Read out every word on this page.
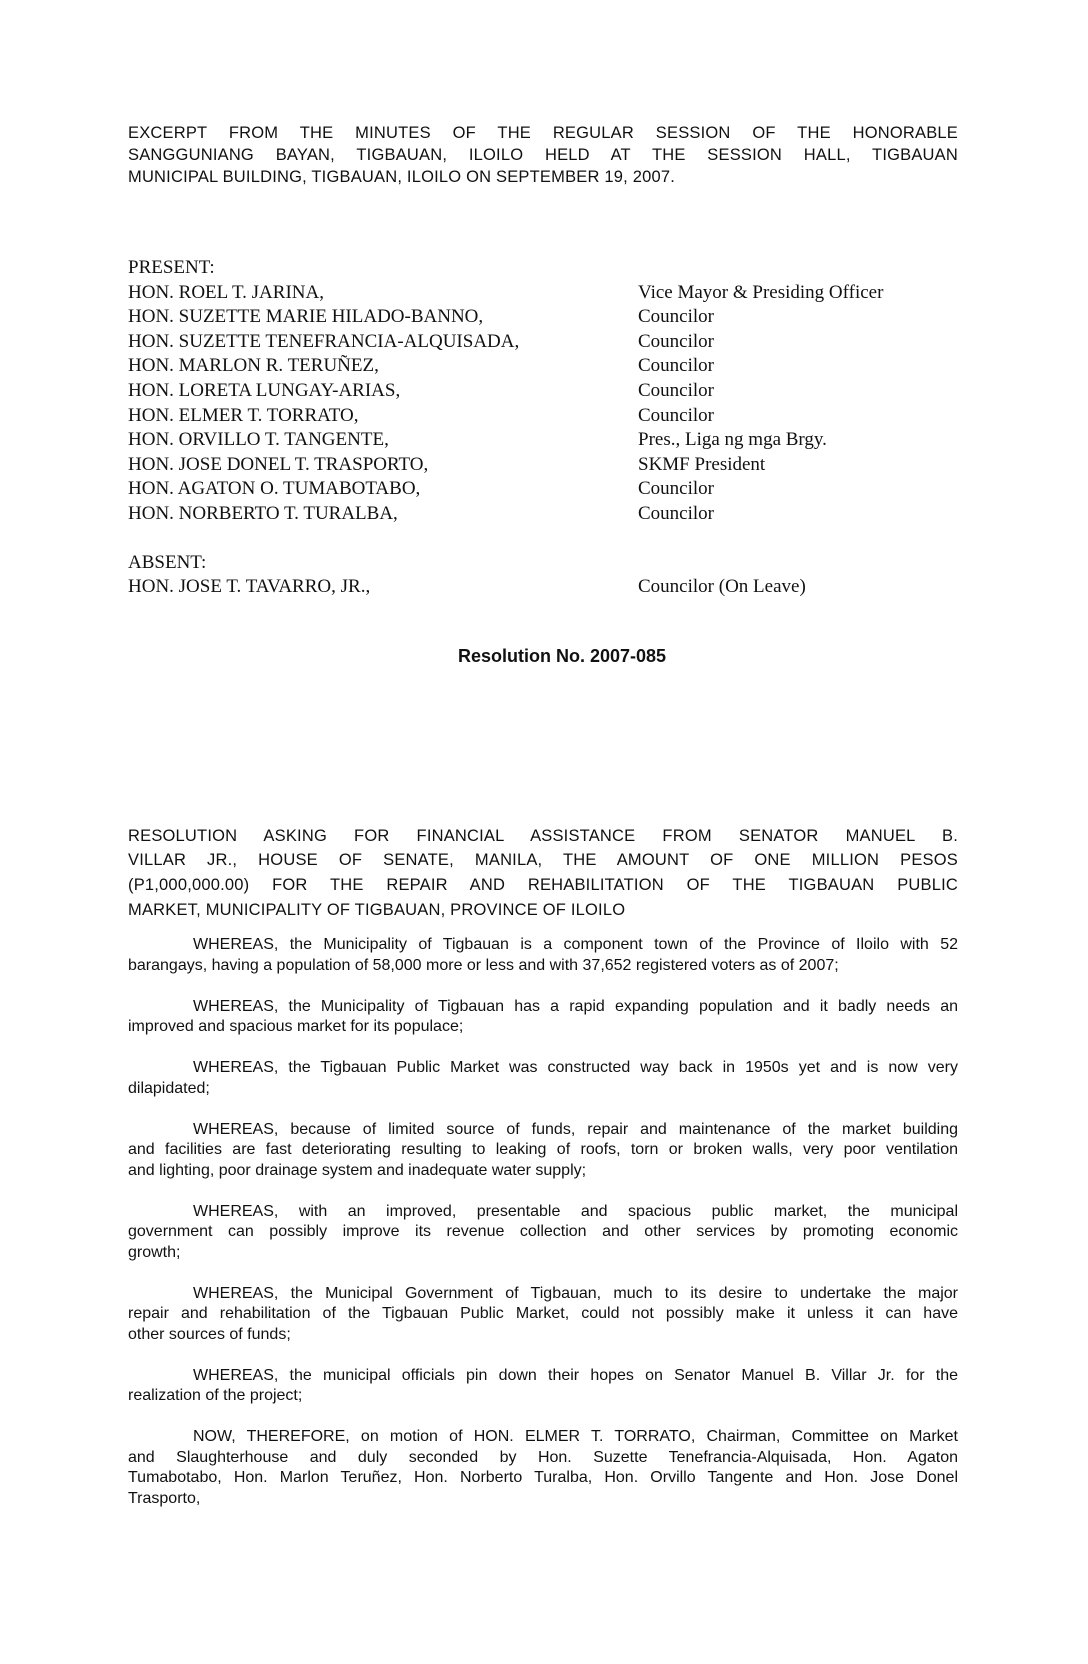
EXCERPT FROM THE MINUTES OF THE REGULAR SESSION OF THE HONORABLE
SANGGUNIANG BAYAN, TIGBAUAN, ILOILO HELD AT THE SESSION HALL, TIGBAUAN
MUNICIPAL BUILDING, TIGBAUAN, ILOILO ON SEPTEMBER 19, 2007.
PRESENT:
HON. ROEL T. JARINA,	Vice Mayor & Presiding Officer
HON. SUZETTE MARIE HILADO-BANNO,	Councilor
HON. SUZETTE TENEFRANCIA-ALQUISADA,	Councilor
HON. MARLON R. TERUÑEZ,	Councilor
HON. LORETA LUNGAY-ARIAS,	Councilor
HON. ELMER T. TORRATO,	Councilor
HON. ORVILLO T. TANGENTE,	Pres., Liga ng mga Brgy.
HON. JOSE DONEL T. TRASPORTO,	SKMF President
HON. AGATON O. TUMABOTABO,	Councilor
HON. NORBERTO T. TURALBA,	Councilor
ABSENT:
HON. JOSE T. TAVARRO, JR.,	Councilor (On Leave)
Resolution No. 2007-085
RESOLUTION ASKING FOR FINANCIAL ASSISTANCE FROM SENATOR MANUEL B.
VILLAR JR., HOUSE OF SENATE, MANILA, THE AMOUNT OF ONE MILLION PESOS
(P1,000,000.00) FOR THE REPAIR AND REHABILITATION OF THE TIGBAUAN PUBLIC
MARKET, MUNICIPALITY OF TIGBAUAN, PROVINCE OF ILOILO
WHEREAS, the Municipality of Tigbauan is a component town of the Province of Iloilo with 52
barangays, having a population of 58,000 more or less and with 37,652 registered voters as of 2007;
WHEREAS, the Municipality of Tigbauan has a rapid expanding population and it badly needs an
improved and spacious market for its populace;
WHEREAS, the Tigbauan Public Market was constructed way back in 1950s yet and is now very
dilapidated;
WHEREAS, because of limited source of funds, repair and maintenance of the market building
and facilities are fast deteriorating resulting to leaking of roofs, torn or broken walls, very poor ventilation
and lighting, poor drainage system and inadequate water supply;
WHEREAS, with an improved, presentable and spacious public market, the municipal
government can possibly improve its revenue collection and other services by promoting economic
growth;
WHEREAS, the Municipal Government of Tigbauan, much to its desire to undertake the major
repair and rehabilitation of the Tigbauan Public Market, could not possibly make it unless it can have
other sources of funds;
WHEREAS, the municipal officials pin down their hopes on Senator Manuel B. Villar Jr. for the
realization of the project;
NOW, THEREFORE, on motion of HON. ELMER T. TORRATO, Chairman, Committee on Market
and Slaughterhouse and duly seconded by Hon. Suzette Tenefrancia-Alquisada, Hon. Agaton
Tumabotabo, Hon. Marlon Teruñez, Hon. Norberto Turalba, Hon. Orvillo Tangente and Hon. Jose Donel
Trasporto,
